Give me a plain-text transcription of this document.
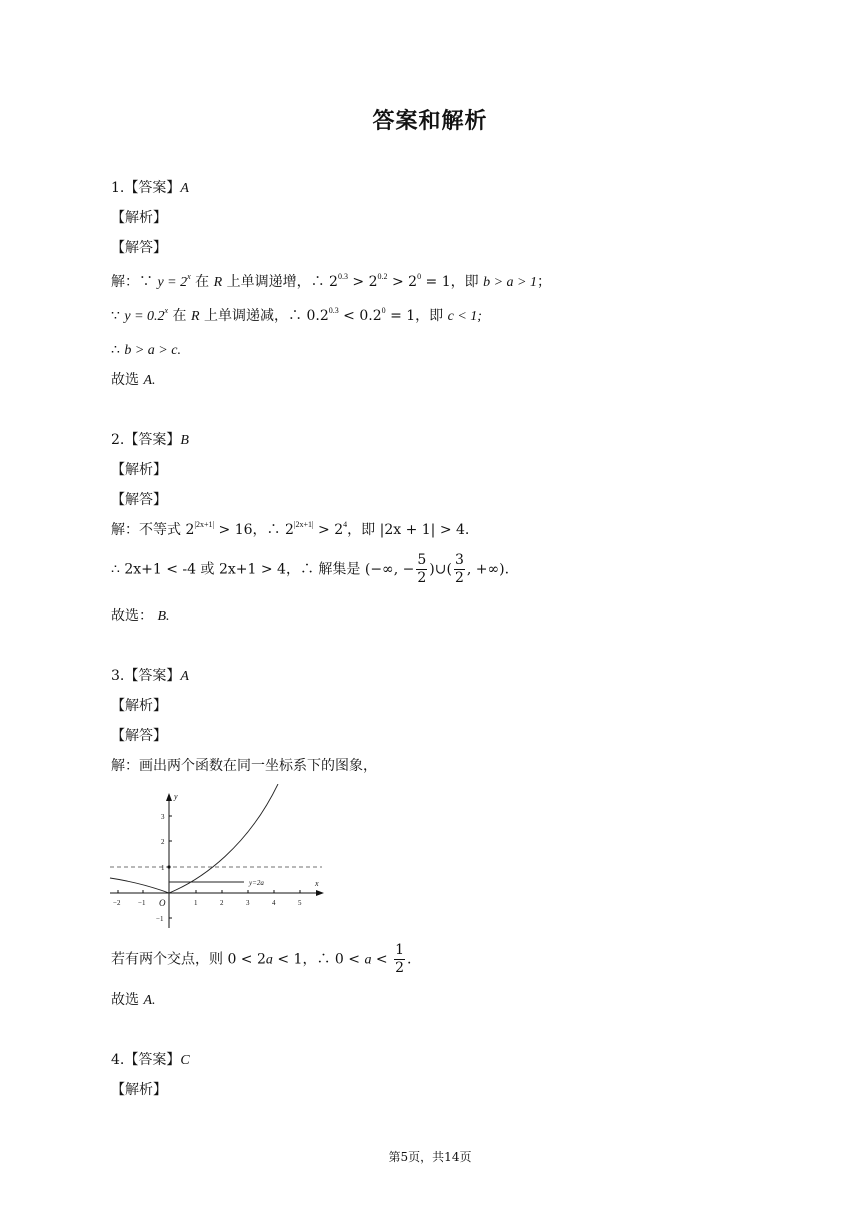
答案和解析
1.【答案】A
【解析】
【解答】
解：∵ $y = 2^x$ 在 R 上单调递增，∴ $2^{0.3} > 2^{0.2} > 2^0 = 1$，即 b > a > 1；
∵ $y = 0.2^x$ 在 R 上单调递减，∴ $0.2^{0.3} < 0.2^0 = 1$，即 c < 1;
∴ b > a > c.
故选 A.
2.【答案】B
【解析】
【解答】
解：不等式 $2^{|2x+1|} > 16$，∴ $2^{|2x+1|} > 2^4$，即 |2x + 1| > 4.
∴ 2x+1 < -4 或 2x+1 > 4，∴ 解集是 (−∞, − $\frac{5}{2}$ )∪( $\frac{3}{2}$ , +∞).
故选： B.
3.【答案】A
【解析】
【解答】
解：画出两个函数在同一坐标系下的图象，
y
x
O
y=2a
−2	−1	1	2	3	4	5
3
2
1
−1
若有两个交点，则 0 < 2a < 1，∴ $0 < a < \frac{1}{2}$ .
故选 A.
4.【答案】C
【解析】
第5页，共14页
